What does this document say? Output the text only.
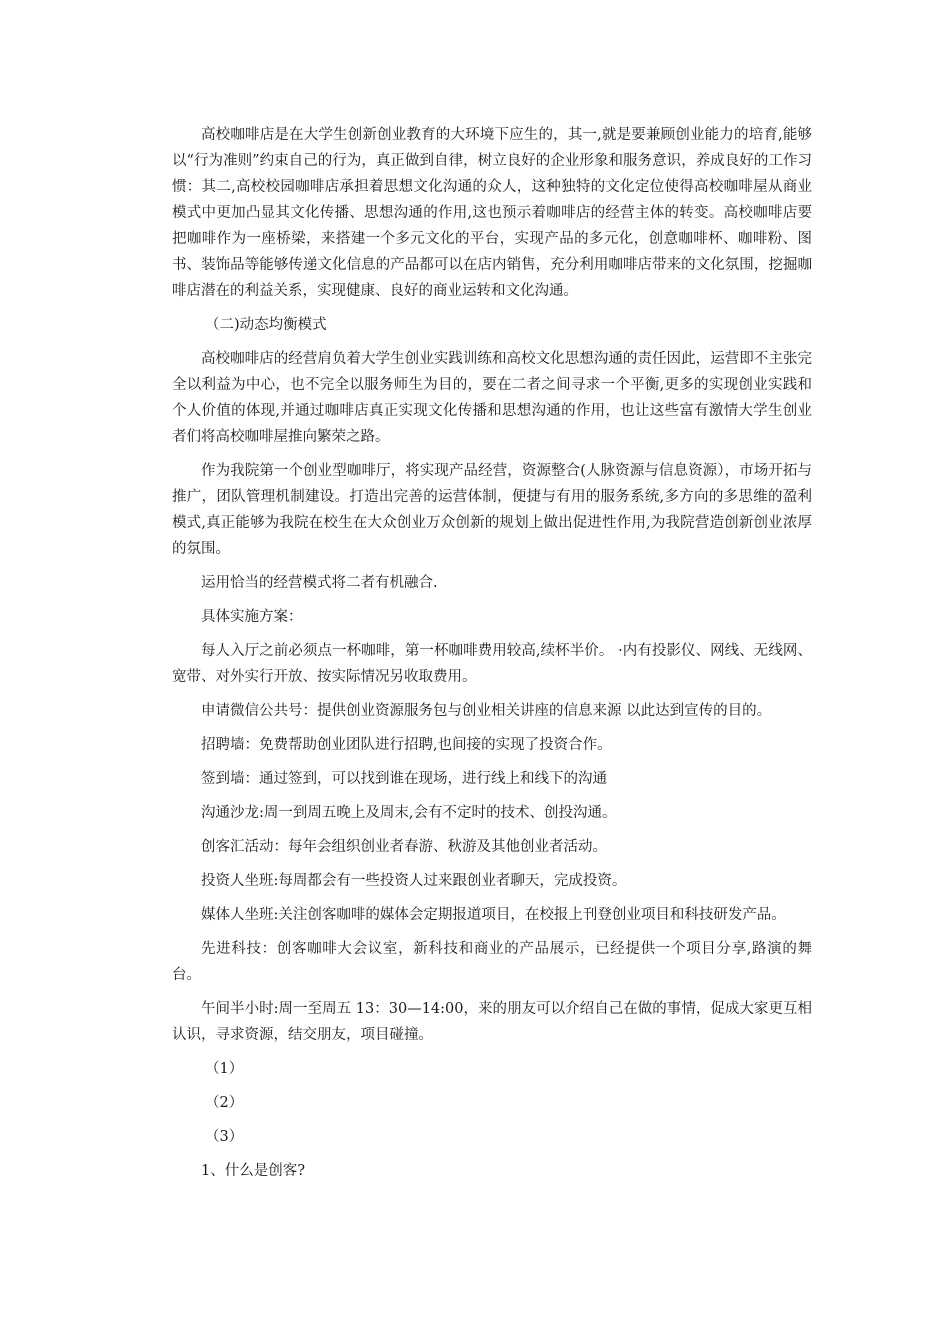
高校咖啡店是在大学生创新创业教育的大环境下应生的，其一,就是要兼顾创业能力的培育,能够以“行为准则”约束自己的行为，真正做到自律，树立良好的企业形象和服务意识，养成良好的工作习惯：其二,高校校园咖啡店承担着思想文化沟通的众人，这种独特的文化定位使得高校咖啡屋从商业模式中更加凸显其文化传播、思想沟通的作用,这也预示着咖啡店的经营主体的转变。高校咖啡店要把咖啡作为一座桥梁，来搭建一个多元文化的平台，实现产品的多元化，创意咖啡杯、咖啡粉、图书、装饰品等能够传递文化信息的产品都可以在店内销售，充分利用咖啡店带来的文化氛围，挖掘咖啡店潜在的利益关系，实现健康、良好的商业运转和文化沟通。

（二)动态均衡模式

高校咖啡店的经营肩负着大学生创业实践训练和高校文化思想沟通的责任因此，运营即不主张完全以利益为中心，也不完全以服务师生为目的，要在二者之间寻求一个平衡,更多的实现创业实践和个人价值的体现,并通过咖啡店真正实现文化传播和思想沟通的作用，也让这些富有激情大学生创业者们将高校咖啡屋推向繁荣之路。

作为我院第一个创业型咖啡厅，将实现产品经营，资源整合(人脉资源与信息资源），市场开拓与推广，团队管理机制建设。打造出完善的运营体制，便捷与有用的服务系统,多方向的多思维的盈利模式,真正能够为我院在校生在大众创业万众创新的规划上做出促进性作用,为我院营造创新创业浓厚的氛围。

运用恰当的经营模式将二者有机融合.

具体实施方案：

每人入厅之前必须点一杯咖啡，第一杯咖啡费用较高,续杯半价。 ·内有投影仪、网线、无线网、宽带、对外实行开放、按实际情况另收取费用。

申请微信公共号：提供创业资源服务包与创业相关讲座的信息来源 以此达到宣传的目的。

招聘墙：免费帮助创业团队进行招聘,也间接的实现了投资合作。

签到墙：通过签到，可以找到谁在现场，进行线上和线下的沟通

沟通沙龙:周一到周五晚上及周末,会有不定时的技术、创投沟通。

创客汇活动：每年会组织创业者春游、秋游及其他创业者活动。

投资人坐班:每周都会有一些投资人过来跟创业者聊天，完成投资。

媒体人坐班:关注创客咖啡的媒体会定期报道项目，在校报上刊登创业项目和科技研发产品。

先进科技：创客咖啡大会议室，新科技和商业的产品展示，已经提供一个项目分享,路演的舞台。

午间半小时:周一至周五 13：30—14:00，来的朋友可以介绍自己在做的事情，促成大家更互相认识，寻求资源，结交朋友，项目碰撞。

（1）

（2）

（3）

1、什么是创客?
